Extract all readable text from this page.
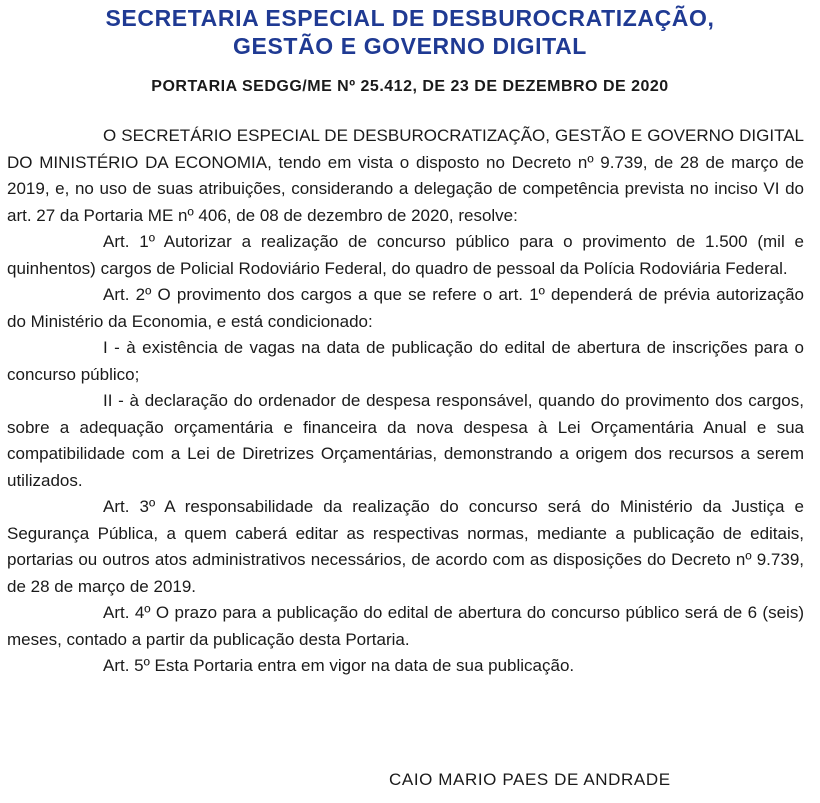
SECRETARIA ESPECIAL DE DESBUROCRATIZAÇÃO,
GESTÃO E GOVERNO DIGITAL
PORTARIA SEDGG/ME Nº 25.412, DE 23 DE DEZEMBRO DE 2020

O SECRETÁRIO ESPECIAL DE DESBUROCRATIZAÇÃO, GESTÃO E GOVERNO DIGITAL DO MINISTÉRIO DA ECONOMIA, tendo em vista o disposto no Decreto nº 9.739, de 28 de março de 2019, e, no uso de suas atribuições, considerando a delegação de competência prevista no inciso VI do art. 27 da Portaria ME nº 406, de 08 de dezembro de 2020, resolve:

Art. 1º Autorizar a realização de concurso público para o provimento de 1.500 (mil e quinhentos) cargos de Policial Rodoviário Federal, do quadro de pessoal da Polícia Rodoviária Federal.

Art. 2º O provimento dos cargos a que se refere o art. 1º dependerá de prévia autorização do Ministério da Economia, e está condicionado:

I - à existência de vagas na data de publicação do edital de abertura de inscrições para o concurso público;

II - à declaração do ordenador de despesa responsável, quando do provimento dos cargos, sobre a adequação orçamentária e financeira da nova despesa à Lei Orçamentária Anual e sua compatibilidade com a Lei de Diretrizes Orçamentárias, demonstrando a origem dos recursos a serem utilizados.

Art. 3º A responsabilidade da realização do concurso será do Ministério da Justiça e Segurança Pública, a quem caberá editar as respectivas normas, mediante a publicação de editais, portarias ou outros atos administrativos necessários, de acordo com as disposições do Decreto nº 9.739, de 28 de março de 2019.

Art. 4º O prazo para a publicação do edital de abertura do concurso público será de 6 (seis) meses, contado a partir da publicação desta Portaria.

Art. 5º Esta Portaria entra em vigor na data de sua publicação.

CAIO MARIO PAES DE ANDRADE
